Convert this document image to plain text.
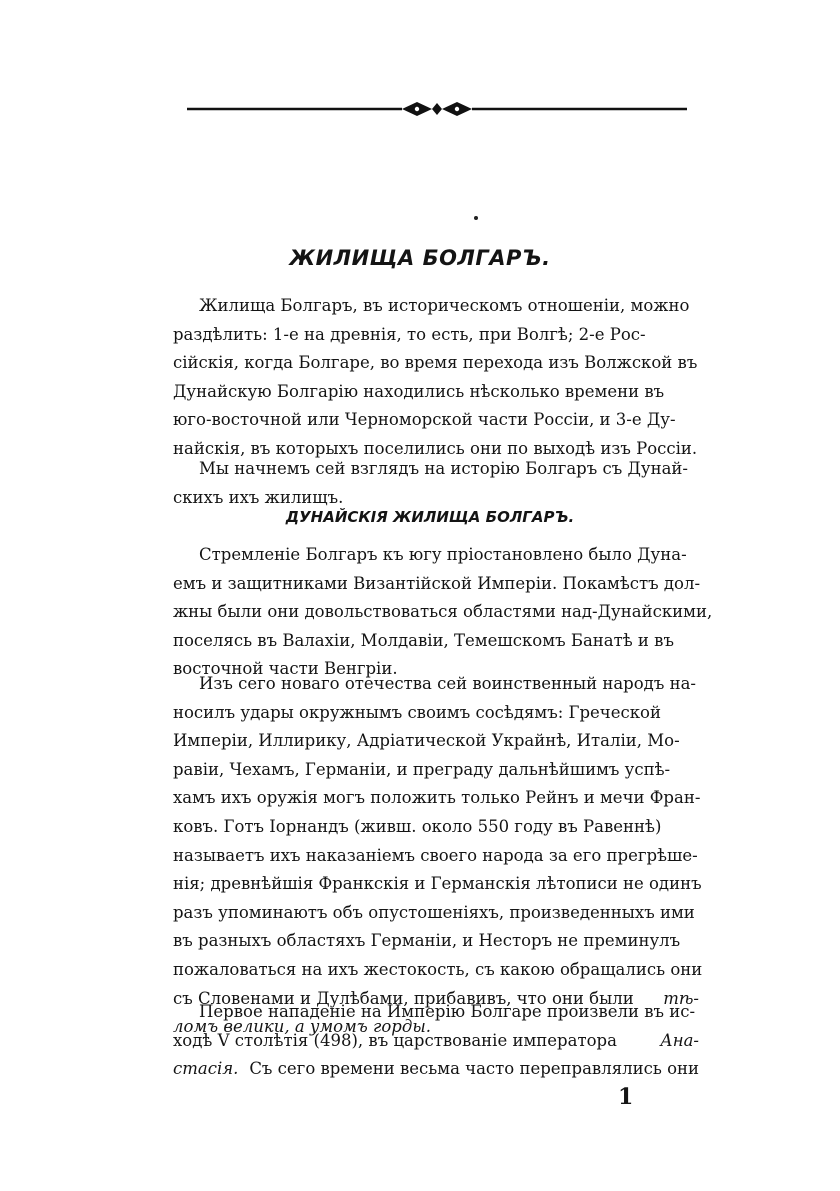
ЖИЛИЩА БОЛГАРЪ.
Жилища Болгаръ, въ историческомъ отношенiи, можно
раздѣлить: 1-е на древнiя, то есть, при Волгѣ; 2-е Рос-
сiйскiя, когда Болгаре, во время перехода изъ Волжской въ
Дунайскую Болгарiю находились нѣсколько времени въ
юго-восточной или Черноморской части Россiи, и 3-е Ду-
найскiя, въ которыхъ поселились они по выходѣ изъ Россiи.
Мы начнемъ сей взглядъ на исторiю Болгаръ съ Дунай-
скихъ ихъ жилищъ.
ДУНАЙСКIЯ ЖИЛИЩА БОЛГАРЪ.
Стремленiе Болгаръ къ югу прiостановлено было Дуна-
емъ и защитниками Византiйской Имперiи. Покамѣстъ дол-
жны были они довольствоваться областями над-Дунайскими,
поселясь въ Валахiи, Молдавiи, Темешскомъ Банатѣ и въ
восточной части Венгрiи.
Изъ сего новаго отечества сей воинственный народъ на-
носилъ удары окружнымъ своимъ сосѣдямъ: Греческой
Имперiи, Иллирику, Адрiатической Украйнѣ, Италiи, Мо-
равiи, Чехамъ, Германiи, и преграду дальнѣйшимъ успѣ-
хамъ ихъ оружiя могъ положить только Рейнъ и мечи Фран-
ковъ. Готъ Iорнандъ (живш. около 550 году въ Равеннѣ)
называетъ ихъ наказанiемъ своего народа за его прегрѣше-
нiя; древнѣйшiя Франкскiя и Германскiя лѣтописи не одинъ
разъ упоминаютъ объ опустошенiяхъ, произведенныхъ ими
въ разныхъ областяхъ Германiи, и Несторъ не преминулъ
пожаловаться на ихъ жестокость, съ какою обращались они
съ Словенами и Дулѣбами, прибавивъ, что они были тѣ-
ломъ велики, а умомъ горды.
Первое нападенiе на Имперiю Болгаре произвели въ ис-
ходѣ V столѣтiя (498), въ царствованiе императора	Ана-
стасiя. Съ сего времени весьма часто переправлялись они
1
